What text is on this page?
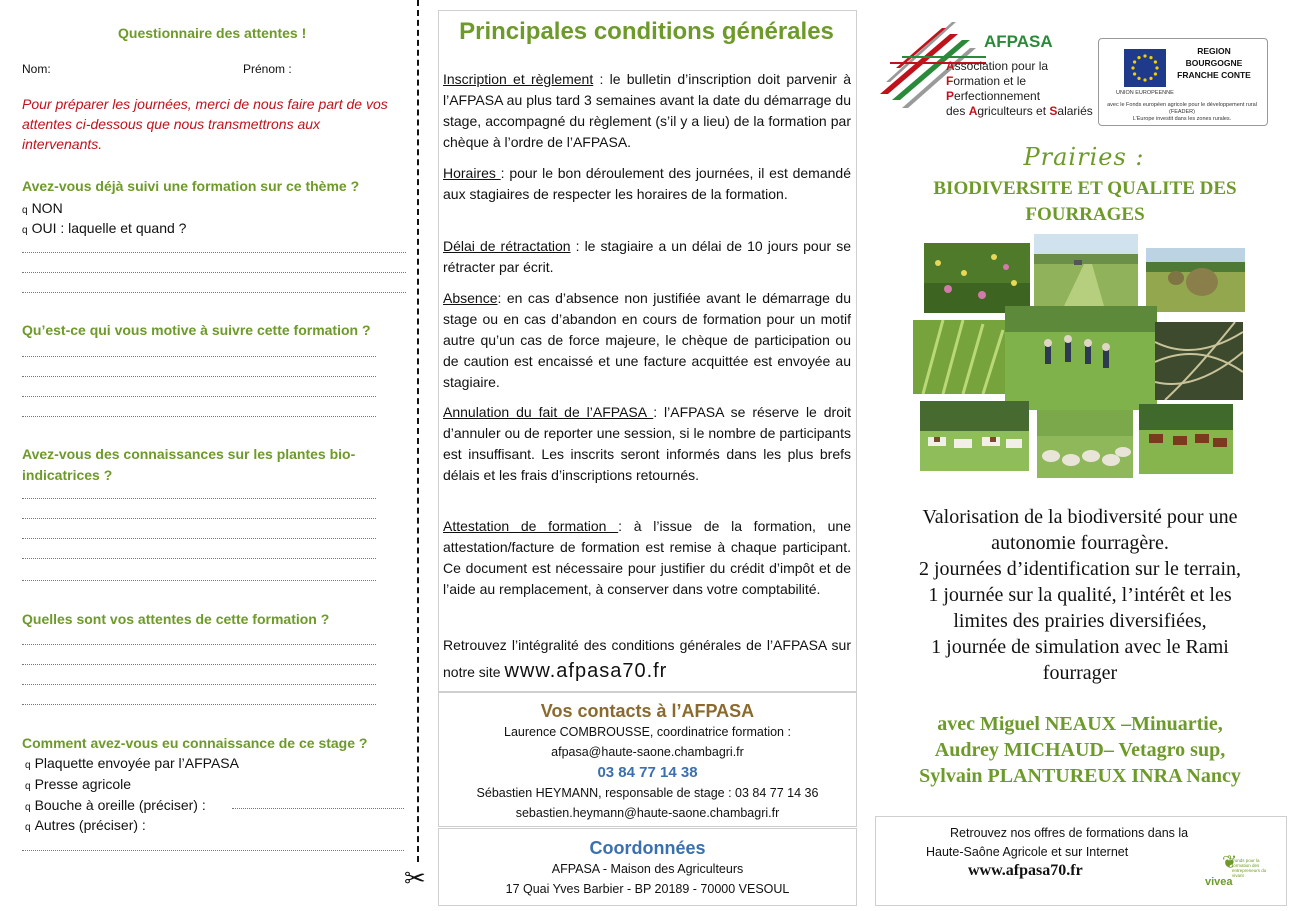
Questionnaire des attentes !
Nom:	Prénom :
Pour préparer les journées, merci de nous faire part de vos attentes ci-dessous que nous transmettrons aux intervenants.
Avez-vous déjà suivi une formation sur ce thème ?
q NON
q OUI : laquelle et quand ?
Qu’est-ce qui vous motive à suivre cette formation ?
Avez-vous des connaissances sur les plantes bio-indicatrices ?
Quelles sont vos attentes de cette formation ?
Comment avez-vous eu connaissance de ce stage ?
q Plaquette envoyée par l’AFPASA
q Presse agricole
q Bouche à oreille (préciser) :
q Autres (préciser) :
✂
Principales conditions générales
Inscription et règlement : le bulletin d’inscription doit parvenir à l’AFPASA au plus tard 3 semaines avant la date du démarrage du stage, accompagné du règlement (s’il y a lieu) de la formation par chèque à l’ordre de l’AFPASA.
Horaires : pour le bon déroulement des journées, il est demandé aux stagiaires de respecter les horaires de la formation.
Délai de rétractation : le stagiaire a un délai de 10 jours pour se rétracter par écrit.
Absence: en cas d’absence non justifiée avant le démarrage du stage ou en cas d’abandon en cours de formation pour un motif autre qu’un cas de force majeure, le chèque de participation ou de caution est encaissé et une facture acquittée est envoyée au stagiaire.
Annulation du fait de l’AFPASA : l’AFPASA se réserve le droit d’annuler ou de reporter une session, si le nombre de participants est insuffisant. Les inscrits seront informés dans les plus brefs délais et les frais d’inscriptions retournés.
Attestation de formation : à l’issue de la formation, une attestation/facture de formation est remise à chaque participant. Ce document est nécessaire pour justifier du crédit d’impôt et de l’aide au remplacement, à conserver dans votre comptabilité.
Retrouvez l’intégralité des conditions générales de l’AFPASA sur notre site www.afpasa70.fr
Vos contacts à l’AFPASA
Laurence COMBROUSSE, coordinatrice formation :
afpasa@haute-saone.chambagri.fr
03 84 77 14 38
Sébastien HEYMANN, responsable de stage : 03 84 77 14 36
sebastien.heymann@haute-saone.chambagri.fr
Coordonnées
AFPASA - Maison des Agriculteurs
17 Quai Yves Barbier - BP 20189 - 70000 VESOUL
AFPASA
Association pour la
Formation et le
Perfectionnement
des Agriculteurs et Salariés
UNION EUROPEENNE
REGION BOURGOGNE FRANCHE CONTE
avec le Fonds européen agricole pour le développement rural (FEADER)
L’Europe investit dans les zones rurales.
Prairies :
BIODIVERSITE ET QUALITE DES
FOURRAGES
Valorisation de la biodiversité pour une
autonomie fourragère.
2 journées d’identification sur le terrain,
1 journée sur la qualité, l’intérêt et les
limites des prairies diversifiées,
1 journée de simulation avec le Rami
fourrager
avec Miguel NEAUX –Minuartie,
Audrey MICHAUD– Vetagro sup,
Sylvain PLANTUREUX INRA Nancy
Retrouvez nos offres de formations dans la
Haute-Saône Agricole et sur Internet
www.afpasa70.fr	❦
Fonds pour la formation des entrepreneurs du vivant
vivea
